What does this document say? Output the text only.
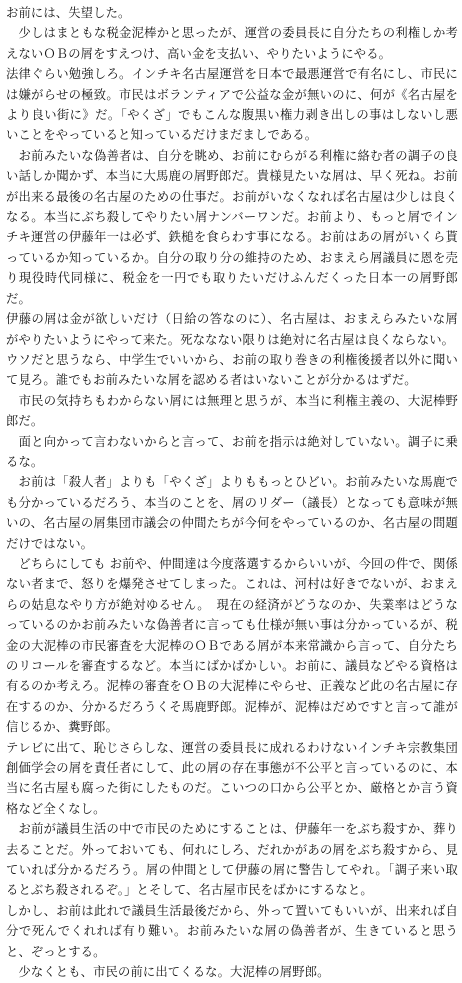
お前には、失望した。

　少しはまともな税金泥棒かと思ったが、運営の委員長に自分たちの利権しか考えないＯＢの屑をすえつけ、高い金を支払い、やりたいようにやる。

法律ぐらい勉強しろ。インチキ名古屋運営を日本で最悪運営で有名にし、市民には嫌がらせの極致。市民はボランティアで公益な金が無いのに、何が《名古屋をより良い街に》だ。「やくざ」でもこんな腹黒い権力剥き出しの事はしないし悪いことをやっていると知っているだけまだましである。

　お前みたいな偽善者は、自分を眺め、お前にむらがる利権に絡む者の調子の良い話しか聞かず、本当に大馬鹿の屑野郎だ。貴様見たいな屑は、早く死ね。お前が出来る最後の名古屋のための仕事だ。お前がいなくなれば名古屋は少しは良くなる。本当にぶち殺してやりたい屑ナンバーワンだ。お前より、もっと屑でインチキ運営の伊藤年一は必ず、鉄槌を食らわす事になる。お前はあの屑がいくら貰っているか知っているか。自分の取り分の維持のため、おまえら屑議員に恩を売り現役時代同様に、税金を一円でも取りたいだけふんだくった日本一の屑野郎だ。

伊藤の屑は金が欲しいだけ（日給の答なのに）、名古屋は、おまえらみたいな屑がやりたいようにやって来た。死ななない限りは絶対に名古屋は良くならない。

ウソだと思うなら、中学生でいいから、お前の取り巻きの利権後援者以外に聞いて見ろ。誰でもお前みたいな屑を認める者はいないことが分かるはずだ。

　市民の気持ちもわからない屑には無理と思うが、本当に利権主義の、大泥棒野郎だ。

　面と向かって言わないからと言って、お前を指示は絶対していない。調子に乗るな。

　お前は「殺人者」よりも「やくざ」よりももっとひどい。お前みたいな馬鹿でも分かっているだろう、本当のことを、屑のリダー（議長）となっても意味が無いの、名古屋の屑集団市議会の仲間たちが今何をやっているのか、名古屋の問題だけではない。

　どちらにしても お前や、仲間達は今度落選するからいいが、今回の件で、関係ない者まで、怒りを爆発させてしまった。これは、河村は好きでないが、おまえらの姑息なやり方が絶対ゆるせん。　現在の経済がどうなのか、失業率はどうなっているのかお前みたいな偽善者に言っても仕様が無い事は分かっているが、税金の大泥棒の市民審査を大泥棒のＯＢである屑が本来常識から言って、自分たちのリコールを審査するなど。本当にばかばかしい。お前に、議員などやる資格は有るのか考えろ。泥棒の審査をＯＢの大泥棒にやらせ、正義など此の名古屋に存在するのか、分かるだろうくそ馬鹿野郎。泥棒が、泥棒はだめですと言って誰が信じるか、糞野郎。

テレビに出て、恥じさらしな、運営の委員長に成れるわけないインチキ宗教集団創価学会の屑を責任者にして、此の屑の存在事態が不公平と言っているのに、本当に名古屋も腐った街にしたものだ。こいつの口から公平とか、厳格とか言う資格など全くなし。

　お前が議員生活の中で市民のためにすることは、伊藤年一をぶち殺すか、葬り去ることだ。外っておいても、何れにしろ、だれかがあの屑をぶち殺すから、見ていれば分かるだろう。屑の仲間として伊藤の屑に警告してやれ。「調子来い取るとぶち殺されるぞ。」とそして、名古屋市民をばかにするなと。

しかし、お前は此れで議員生活最後だから、外って置いてもいいが、出来れば自分で死んでくれれば有り難い。お前みたいな屑の偽善者が、生きていると思うと、ぞっとする。

　少なくとも、市民の前に出てくるな。大泥棒の屑野郎。
